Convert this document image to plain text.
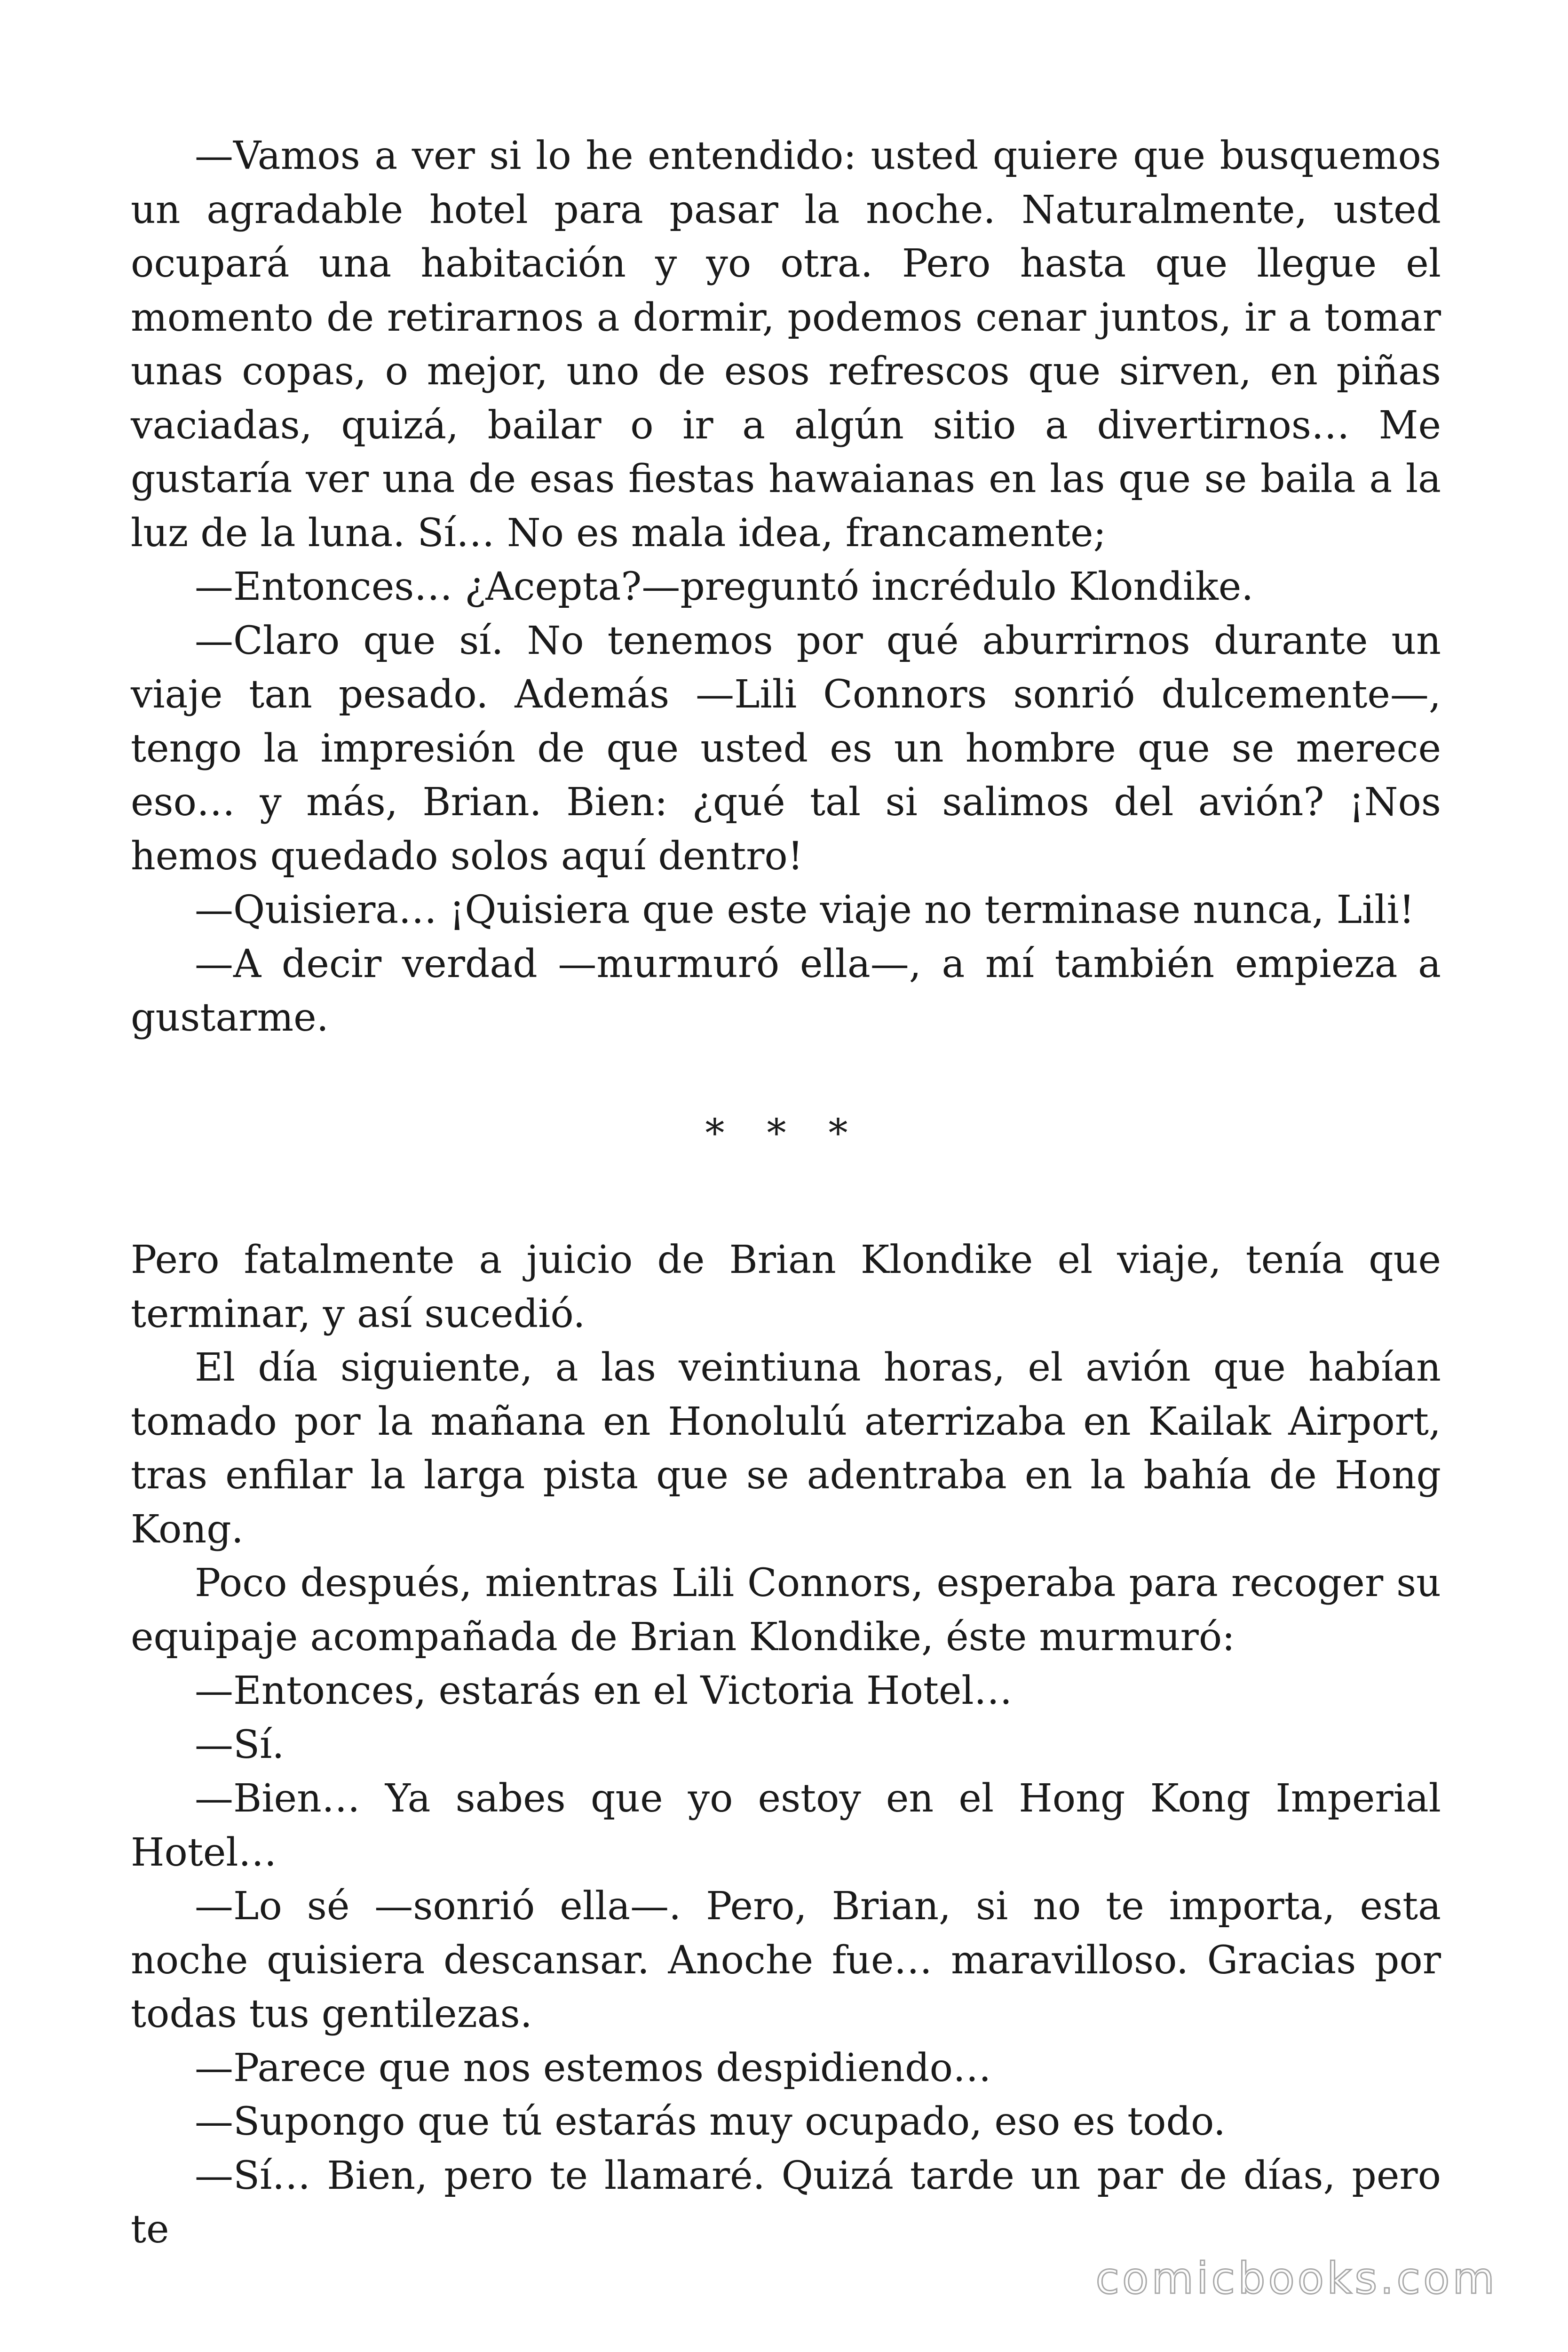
—Vamos a ver si lo he entendido: usted quiere que busquemos un agradable hotel para pasar la noche. Naturalmente, usted ocupará una habitación y yo otra. Pero hasta que llegue el momento de retirarnos a dormir, podemos cenar juntos, ir a tomar unas copas, o mejor, uno de esos refrescos que sirven, en piñas vaciadas, quizá, bailar o ir a algún sitio a divertirnos… Me gustaría ver una de esas fiestas hawaianas en las que se baila a la luz de la luna. Sí… No es mala idea, francamente;

—Entonces… ¿Acepta?—preguntó incrédulo Klondike.

—Claro que sí. No tenemos por qué aburrirnos durante un viaje tan pesado. Además —Lili Connors sonrió dulcemente—, tengo la impresión de que usted es un hombre que se merece eso… y más, Brian. Bien: ¿qué tal si salimos del avión? ¡Nos hemos quedado solos aquí dentro!

—Quisiera… ¡Quisiera que este viaje no terminase nunca, Lili!

—A decir verdad —murmuró ella—, a mí también empieza a gustarme.

* * *

Pero fatalmente a juicio de Brian Klondike el viaje, tenía que terminar, y así sucedió.

El día siguiente, a las veintiuna horas, el avión que habían tomado por la mañana en Honolulú aterrizaba en Kailak Airport, tras enfilar la larga pista que se adentraba en la bahía de Hong Kong.

Poco después, mientras Lili Connors, esperaba para recoger su equipaje acompañada de Brian Klondike, éste murmuró:

—Entonces, estarás en el Victoria Hotel…

—Sí.

—Bien… Ya sabes que yo estoy en el Hong Kong Imperial Hotel…

—Lo sé —sonrió ella—. Pero, Brian, si no te importa, esta noche quisiera descansar. Anoche fue… maravilloso. Gracias por todas tus gentilezas.

—Parece que nos estemos despidiendo…

—Supongo que tú estarás muy ocupado, eso es todo.

—Sí… Bien, pero te llamaré. Quizá tarde un par de días, pero te

comicbooks.com
